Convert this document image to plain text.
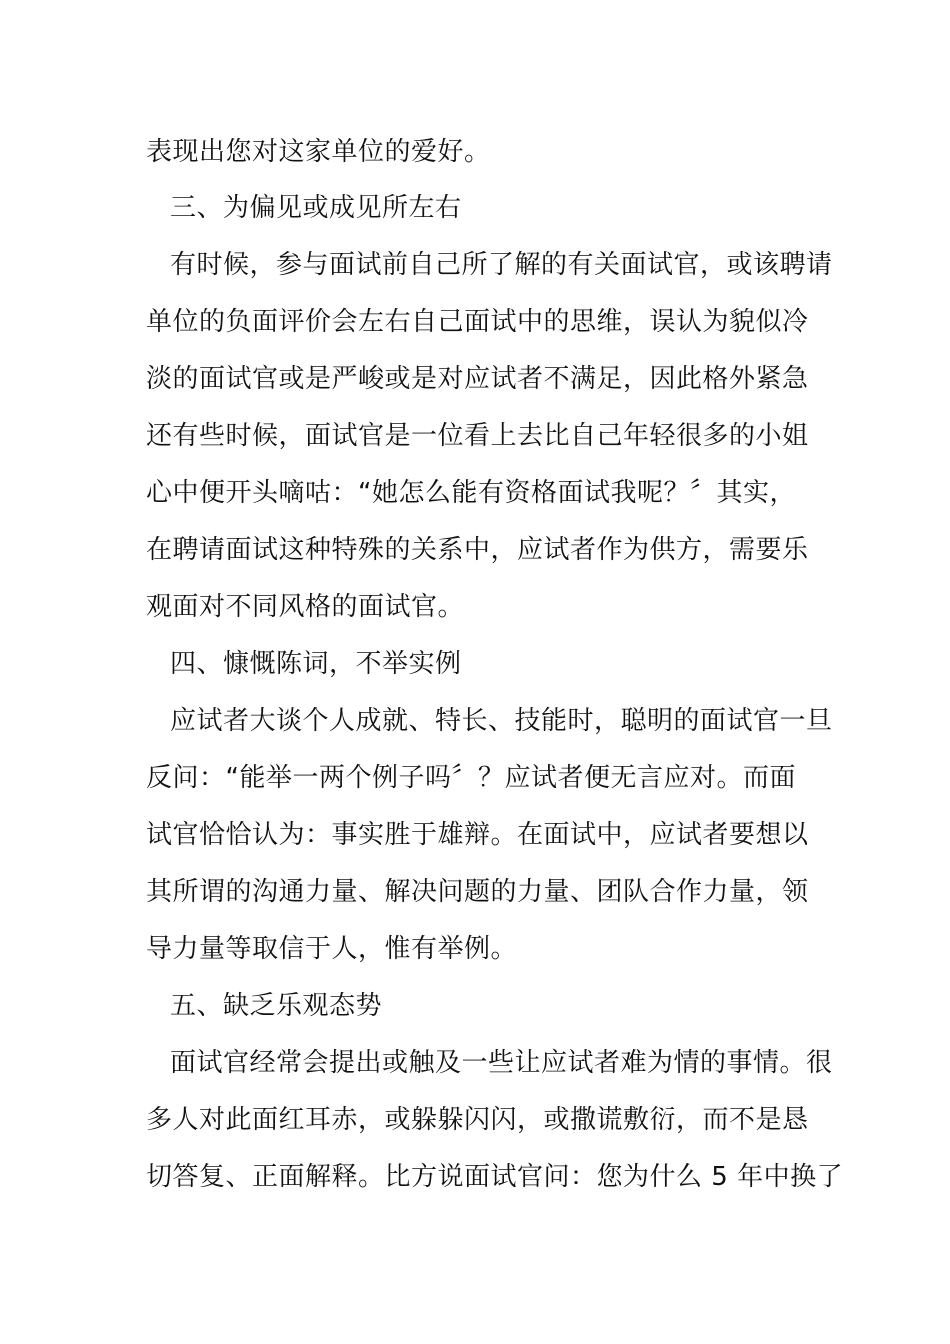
表现出您对这家单位的爱好。
三、为偏见或成见所左右
有时候，参与面试前自己所了解的有关面试官，或该聘请
单位的负面评价会左右自己面试中的思维，误认为貌似冷
淡的面试官或是严峻或是对应试者不满足，因此格外紧急
还有些时候，面试官是一位看上去比自己年轻很多的小姐
心中便开头嘀咕：“她怎么能有资格面试我呢？〞其实，
在聘请面试这种特殊的关系中，应试者作为供方，需要乐
观面对不同风格的面试官。
四、慷慨陈词，不举实例
应试者大谈个人成就、特长、技能时，聪明的面试官一旦
反问：“能举一两个例子吗〞？应试者便无言应对。而面
试官恰恰认为：事实胜于雄辩。在面试中，应试者要想以
其所谓的沟通力量、解决问题的力量、团队合作力量，领
导力量等取信于人，惟有举例。
五、缺乏乐观态势
面试官经常会提出或触及一些让应试者难为情的事情。很
多人对此面红耳赤，或躲躲闪闪，或撒谎敷衍，而不是恳
切答复、正面解释。比方说面试官问：您为什么 5 年中换了
